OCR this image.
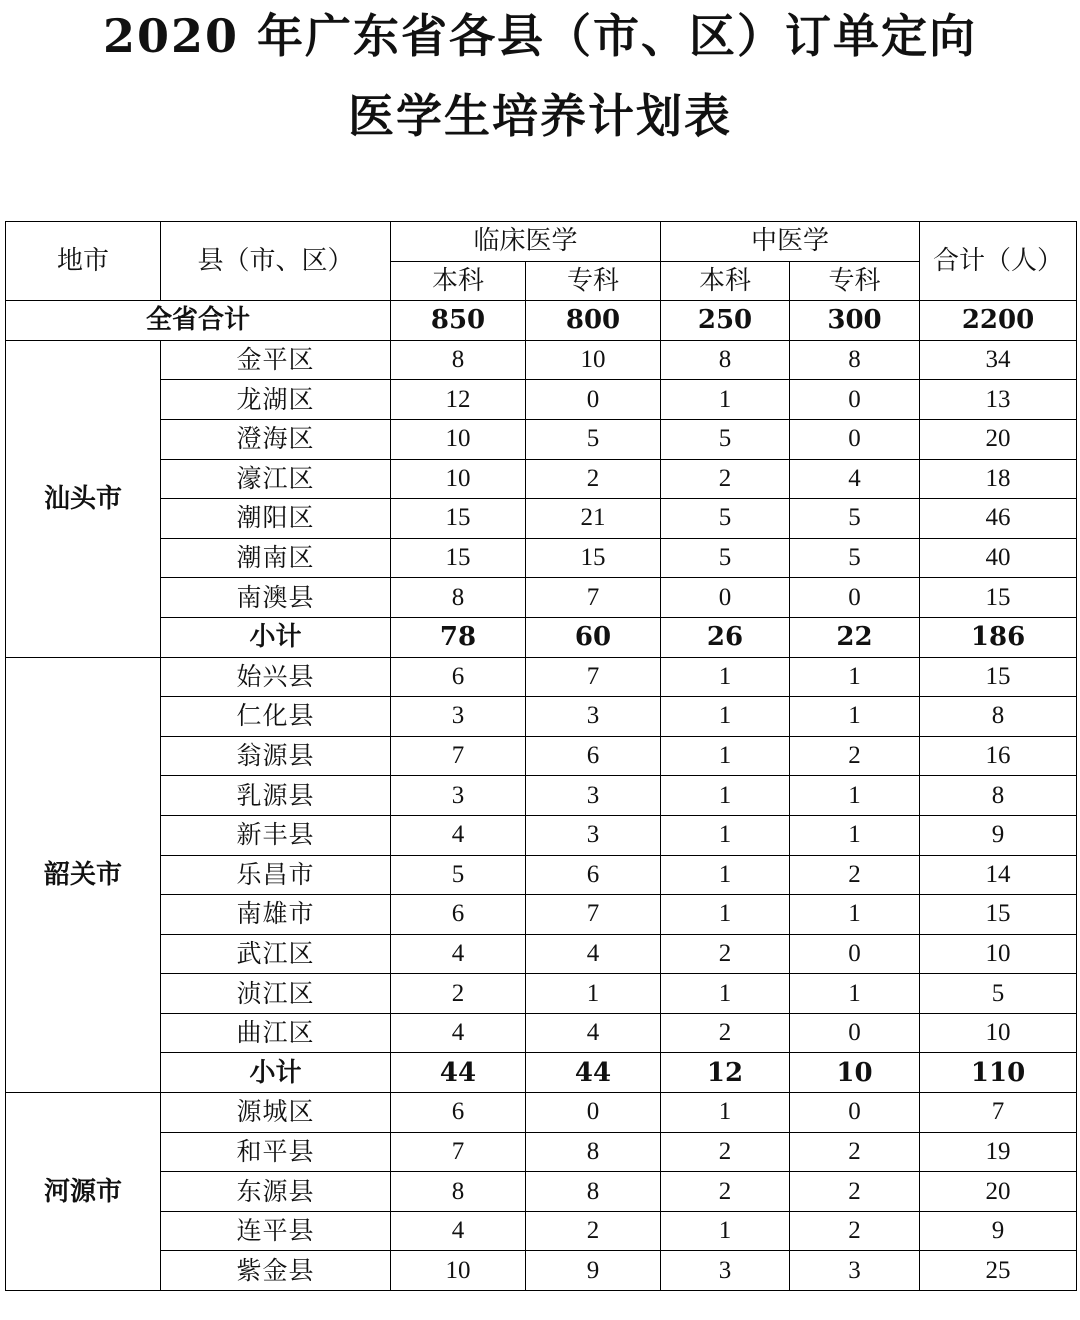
2020 年广东省各县（市、区）订单定向
医学生培养计划表
地市	县（市、区）	临床医学		中医学		合计（人）
		本科	专科	本科	专科	
全省合计		850	800	250	300	2200
汕头市	金平区	8	10	8	8	34
	龙湖区	12	0	1	0	13
	澄海区	10	5	5	0	20
	濠江区	10	2	2	4	18
	潮阳区	15	21	5	5	46
	潮南区	15	15	5	5	40
	南澳县	8	7	0	0	15
	小计	78	60	26	22	186
韶关市	始兴县	6	7	1	1	15
	仁化县	3	3	1	1	8
	翁源县	7	6	1	2	16
	乳源县	3	3	1	1	8
	新丰县	4	3	1	1	9
	乐昌市	5	6	1	2	14
	南雄市	6	7	1	1	15
	武江区	4	4	2	0	10
	浈江区	2	1	1	1	5
	曲江区	4	4	2	0	10
	小计	44	44	12	10	110
河源市	源城区	6	0	1	0	7
	和平县	7	8	2	2	19
	东源县	8	8	2	2	20
	连平县	4	2	1	2	9
	紫金县	10	9	3	3	25
